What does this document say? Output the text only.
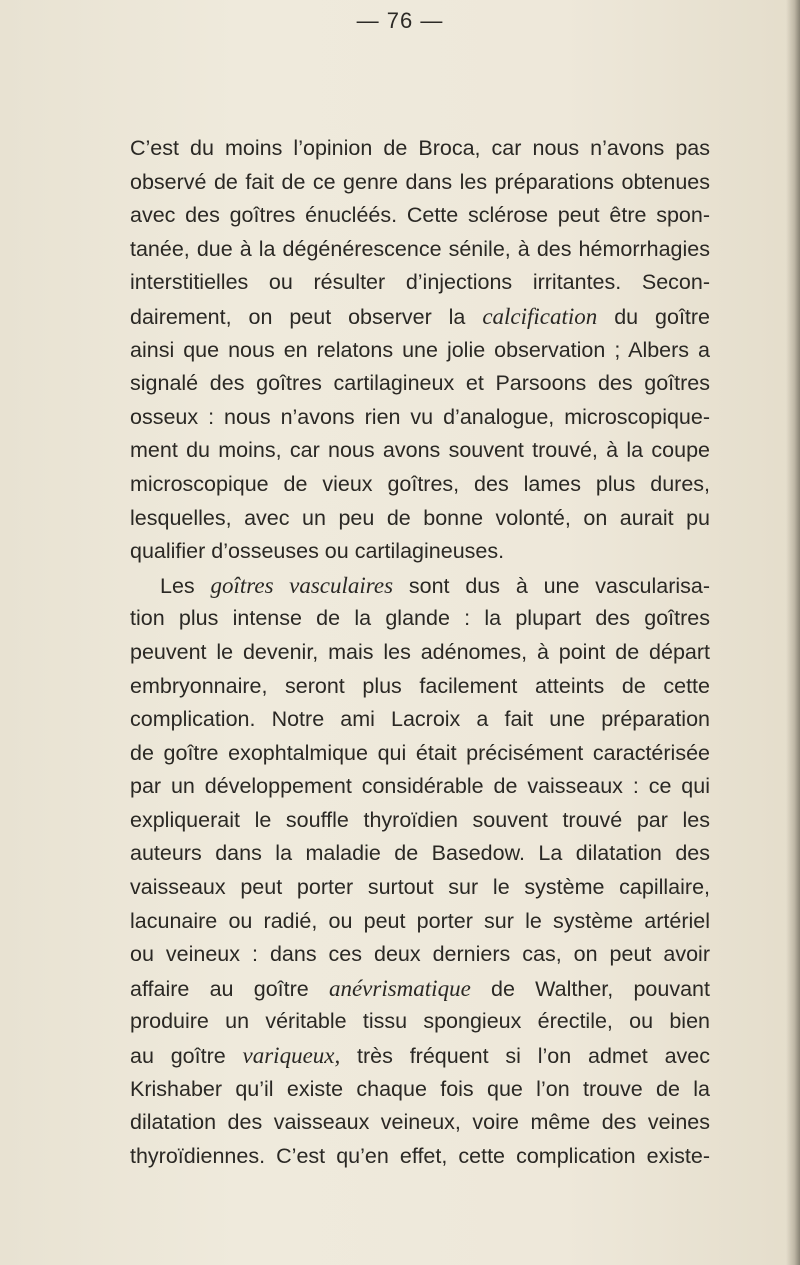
— 76 —
C’est du moins l’opinion de Broca, car nous n’avons pas
observé de fait de ce genre dans les préparations obtenues
avec des goîtres énucléés. Cette sclérose peut être spon-
tanée, due à la dégénérescence sénile, à des hémorrhagies
interstitielles ou résulter d’injections irritantes. Secon-
dairement, on peut observer la calcification du goître
ainsi que nous en relatons une jolie observation ; Albers a
signalé des goîtres cartilagineux et Parsoons des goîtres
osseux : nous n’avons rien vu d’analogue, microscopique-
ment du moins, car nous avons souvent trouvé, à la coupe
microscopique de vieux goîtres, des lames plus dures,
lesquelles, avec un peu de bonne volonté, on aurait pu
qualifier d’osseuses ou cartilagineuses.
Les goîtres vasculaires sont dus à une vascularisa-
tion plus intense de la glande : la plupart des goîtres
peuvent le devenir, mais les adénomes, à point de départ
embryonnaire, seront plus facilement atteints de cette
complication. Notre ami Lacroix a fait une préparation
de goître exophtalmique qui était précisément caractérisée
par un développement considérable de vaisseaux : ce qui
expliquerait le souffle thyroïdien souvent trouvé par les
auteurs dans la maladie de Basedow. La dilatation des
vaisseaux peut porter surtout sur le système capillaire,
lacunaire ou radié, ou peut porter sur le système artériel
ou veineux : dans ces deux derniers cas, on peut avoir
affaire au goître anévrismatique de Walther, pouvant
produire un véritable tissu spongieux érectile, ou bien
au goître variqueux, très fréquent si l’on admet avec
Krishaber qu’il existe chaque fois que l’on trouve de la
dilatation des vaisseaux veineux, voire même des veines
thyroïdiennes. C’est qu’en effet, cette complication existe-
